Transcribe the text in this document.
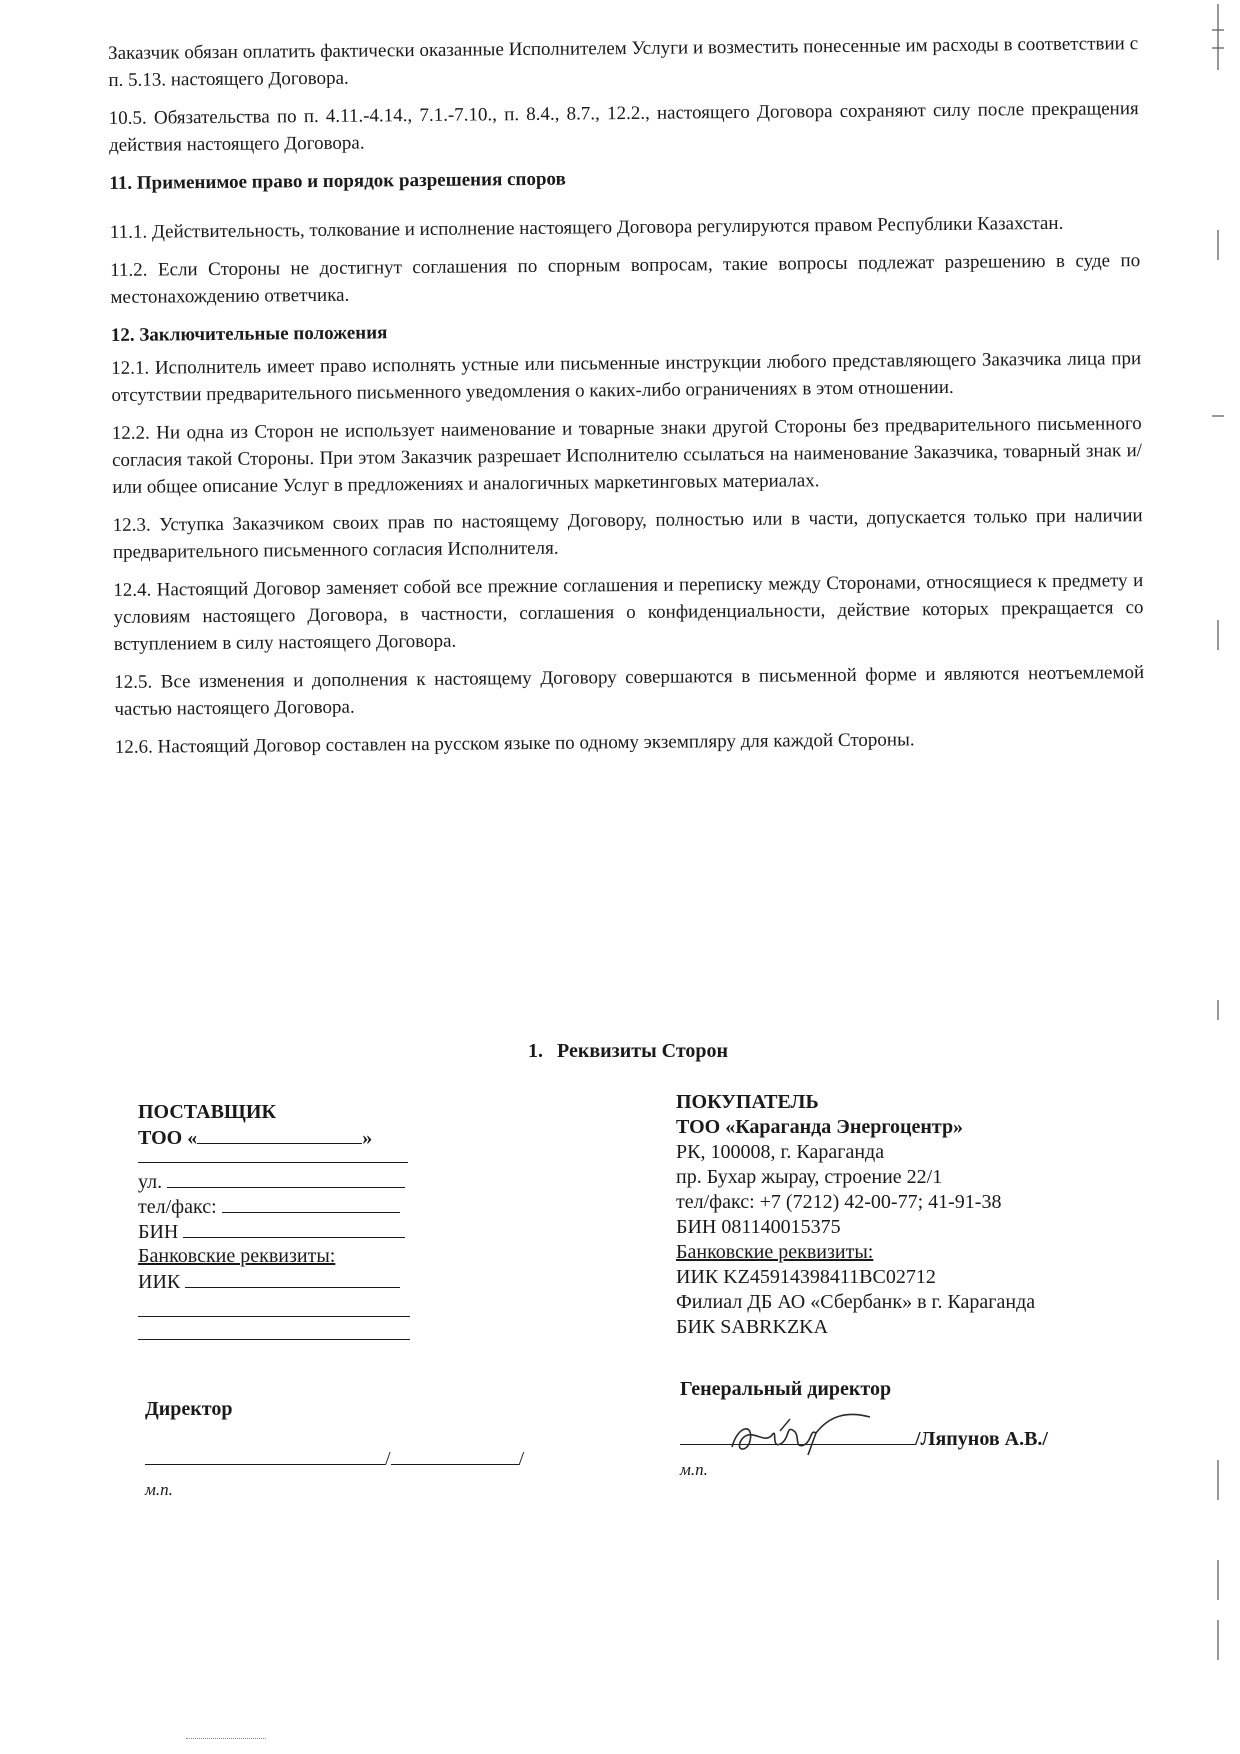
Заказчик обязан оплатить фактически оказанные Исполнителем Услуги и возместить понесенные им расходы в соответствии с п. 5.13. настоящего Договора.

10.5. Обязательства по п. 4.11.-4.14., 7.1.-7.10., п. 8.4., 8.7., 12.2., настоящего Договора сохраняют силу после прекращения действия настоящего Договора.

11. Применимое право и порядок разрешения споров

11.1. Действительность, толкование и исполнение настоящего Договора регулируются правом Республики Казахстан.

11.2. Если Стороны не достигнут соглашения по спорным вопросам, такие вопросы подлежат разрешению в суде по местонахождению ответчика.

12. Заключительные положения

12.1. Исполнитель имеет право исполнять устные или письменные инструкции любого представляющего Заказчика лица при отсутствии предварительного письменного уведомления о каких-либо ограничениях в этом отношении.

12.2. Ни одна из Сторон не использует наименование и товарные знаки другой Стороны без предварительного письменного согласия такой Стороны. При этом Заказчик разрешает Исполнителю ссылаться на наименование Заказчика, товарный знак и/или общее описание Услуг в предложениях и аналогичных маркетинговых материалах.

12.3. Уступка Заказчиком своих прав по настоящему Договору, полностью или в части, допускается только при наличии предварительного письменного согласия Исполнителя.

12.4. Настоящий Договор заменяет собой все прежние соглашения и переписку между Сторонами, относящиеся к предмету и условиям настоящего Договора, в частности, соглашения о конфиденциальности, действие которых прекращается со вступлением в силу настоящего Договора.

12.5. Все изменения и дополнения к настоящему Договору совершаются в письменной форме и являются неотъемлемой частью настоящего Договора.

12.6. Настоящий Договор составлен на русском языке по одному экземпляру для каждой Стороны.

1. Реквизиты Сторон
ПОСТАВЩИК
ТОО «	»
ул.
тел/факс:
БИН
Банковские реквизиты:
ИИК
Директор
/	/
м.п.
ПОКУПАТЕЛЬ
ТОО «Караганда Энергоцентр»
РК, 100008, г. Караганда
пр. Бухар жырау, строение 22/1
тел/факс: +7 (7212) 42-00-77; 41-91-38
БИН 081140015375
Банковские реквизиты:
ИИК KZ45914398411BC02712
Филиал ДБ АО «Сбербанк» в г. Караганда
БИК SABRKZKA
Генеральный директор
/Ляпунов А.В./
м.п.
